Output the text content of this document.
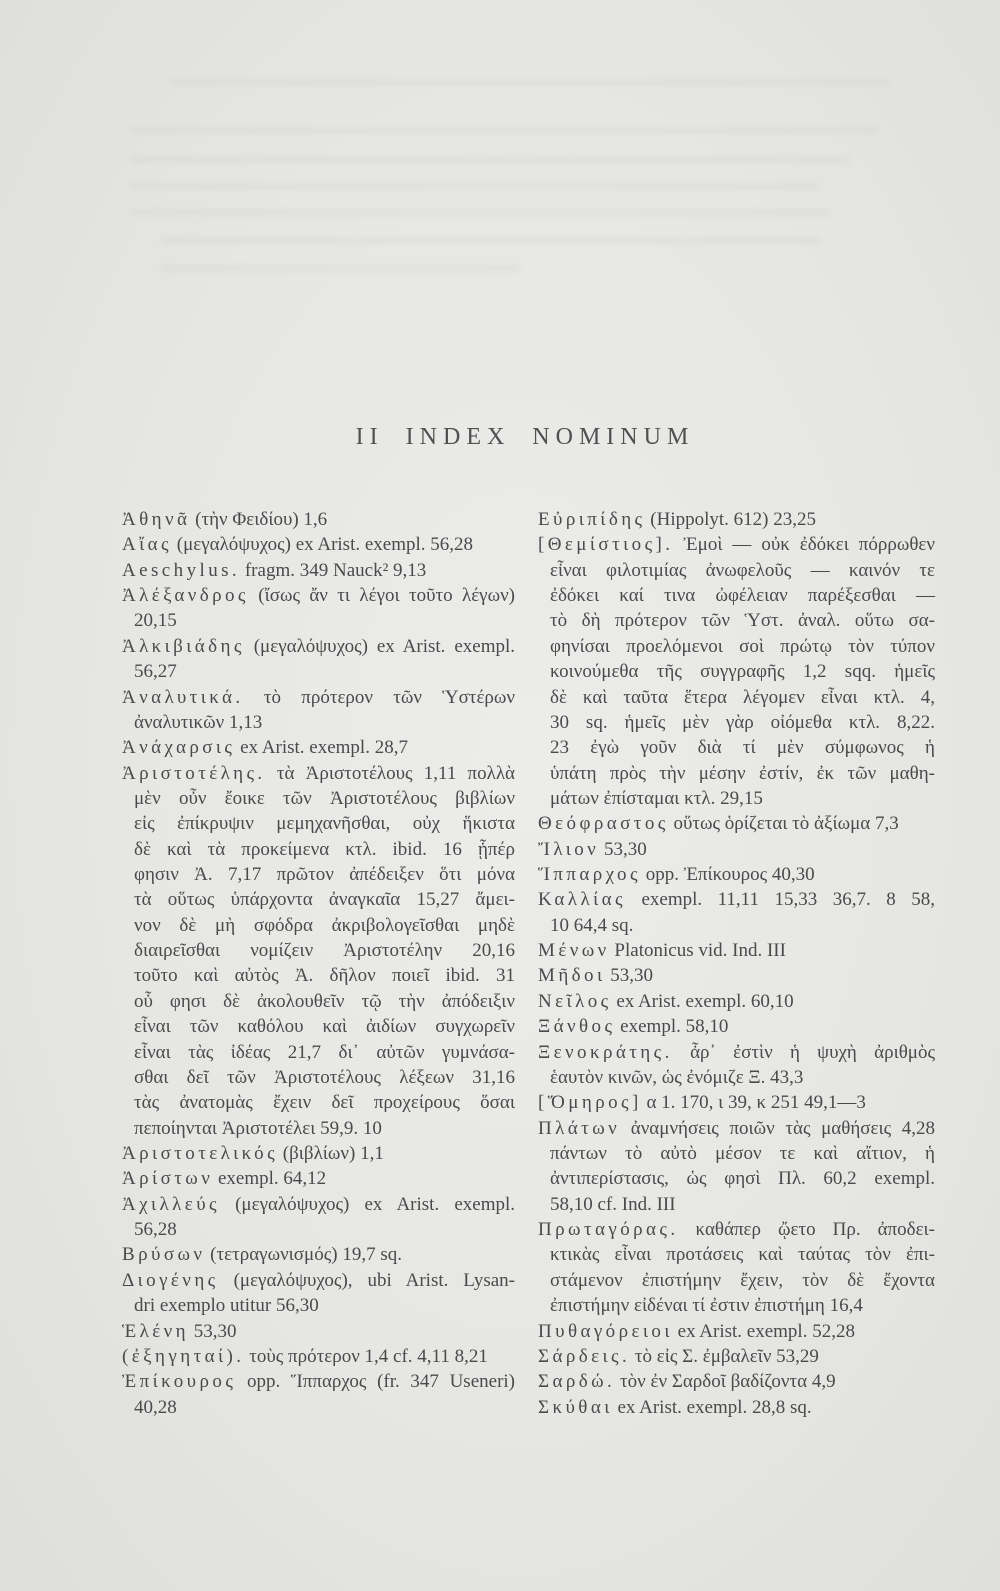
II INDEX NOMINUM
Ἀθηνᾶ (τὴν Φειδίου) 1,6
Αἴας (μεγαλόψυχος) ex Arist. exempl. 56,28
Aeschylus. fragm. 349 Nauck² 9,13
Ἀλέξανδρος (ἴσως ἄν τι λέγοι τοῦτο λέγων)
20,15
Ἀλκιβιάδης (μεγαλόψυχος) ex Arist. exempl.
56,27
Ἀναλυτικά. τὸ πρότερον τῶν Ὑστέρων
ἀναλυτικῶν 1,13
Ἀνάχαρσις ex Arist. exempl. 28,7
Ἀριστοτέλης. τὰ Ἀριστοτέλους 1,11 πολλὰ
μὲν οὖν ἔοικε τῶν Ἀριστοτέλους βιβλίων
εἰς ἐπίκρυψιν μεμηχανῆσθαι, οὐχ ἥκιστα
δὲ καὶ τὰ προκείμενα κτλ. ibid. 16 ᾗπέρ
φησιν Ἀ. 7,17 πρῶτον ἀπέδειξεν ὅτι μόνα
τὰ οὕτως ὑπάρχοντα ἀναγκαῖα 15,27 ἄμει-
νον δὲ μὴ σφόδρα ἀκριβολογεῖσθαι μηδὲ
διαιρεῖσθαι νομίζειν Ἀριστοτέλην 20,16
τοῦτο καὶ αὐτὸς Ἀ. δῆλον ποιεῖ ibid. 31
οὗ φησι δὲ ἀκολουθεῖν τῷ τὴν ἀπόδειξιν
εἶναι τῶν καθόλου καὶ ἀιδίων συγχωρεῖν
εἶναι τὰς ἰδέας 21,7 δι᾽ αὐτῶν γυμνάσα-
σθαι δεῖ τῶν Ἀριστοτέλους λέξεων 31,16
τὰς ἀνατομὰς ἔχειν δεῖ προχείρους ὅσαι
πεποίηνται Ἀριστοτέλει 59,9. 10
Ἀριστοτελικός (βιβλίων) 1,1
Ἀρίστων exempl. 64,12
Ἀχιλλεύς (μεγαλόψυχος) ex Arist. exempl.
56,28
Βρύσων (τετραγωνισμός) 19,7 sq.
Διογένης (μεγαλόψυχος), ubi Arist. Lysan-
dri exemplo utitur 56,30
Ἑλένη 53,30
(ἐξηγηταί). τοὺς πρότερον 1,4 cf. 4,11 8,21
Ἐπίκουρος opp. Ἵππαρχος (fr. 347 Useneri)
40,28
Εὐριπίδης (Hippolyt. 612) 23,25
[Θεμίστιος]. Ἐμοὶ — οὐκ ἐδόκει πόρρωθεν
εἶναι φιλοτιμίας ἀνωφελοῦς — καινόν τε
ἐδόκει καί τινα ὠφέλειαν παρέξεσθαι —
τὸ δὴ πρότερον τῶν Ὑστ. ἀναλ. οὕτω σα-
φηνίσαι προελόμενοι σοὶ πρώτῳ τὸν τύπον
κοινούμεθα τῆς συγγραφῆς 1,2 sqq. ἡμεῖς
δὲ καὶ ταῦτα ἕτερα λέγομεν εἶναι κτλ. 4,
30 sq. ἡμεῖς μὲν γὰρ οἰόμεθα κτλ. 8,22.
23 ἐγὼ γοῦν διὰ τί μὲν σύμφωνος ἡ
ὑπάτη πρὸς τὴν μέσην ἐστίν, ἐκ τῶν μαθη-
μάτων ἐπίσταμαι κτλ. 29,15
Θεόφραστος οὕτως ὁρίζεται τὸ ἀξίωμα 7,3
Ἴλιον 53,30
Ἵππαρχος opp. Ἐπίκουρος 40,30
Καλλίας exempl. 11,11 15,33 36,7. 8 58,
10 64,4 sq.
Μένων Platonicus vid. Ind. III
Μῆδοι 53,30
Νεῖλος ex Arist. exempl. 60,10
Ξάνθος exempl. 58,10
Ξενοκράτης. ἆρ᾽ ἐστὶν ἡ ψυχὴ ἀριθμὸς
ἑαυτὸν κινῶν, ὡς ἐνόμιζε Ξ. 43,3
[Ὅμηρος] α 1. 170, ι 39, κ 251 49,1—3
Πλάτων ἀναμνήσεις ποιῶν τὰς μαθήσεις 4,28
πάντων τὸ αὐτὸ μέσον τε καὶ αἴτιον, ἡ
ἀντιπερίστασις, ὡς φησὶ Πλ. 60,2 exempl.
58,10 cf. Ind. III
Πρωταγόρας. καθάπερ ᾤετο Πρ. ἀποδει-
κτικὰς εἶναι προτάσεις καὶ ταύτας τὸν ἐπι-
στάμενον ἐπιστήμην ἔχειν, τὸν δὲ ἔχοντα
ἐπιστήμην εἰδέναι τί ἐστιν ἐπιστήμη 16,4
Πυθαγόρειοι ex Arist. exempl. 52,28
Σάρδεις. τὸ εἰς Σ. ἐμβαλεῖν 53,29
Σαρδώ. τὸν ἐν Σαρδοῖ βαδίζοντα 4,9
Σκύθαι ex Arist. exempl. 28,8 sq.
